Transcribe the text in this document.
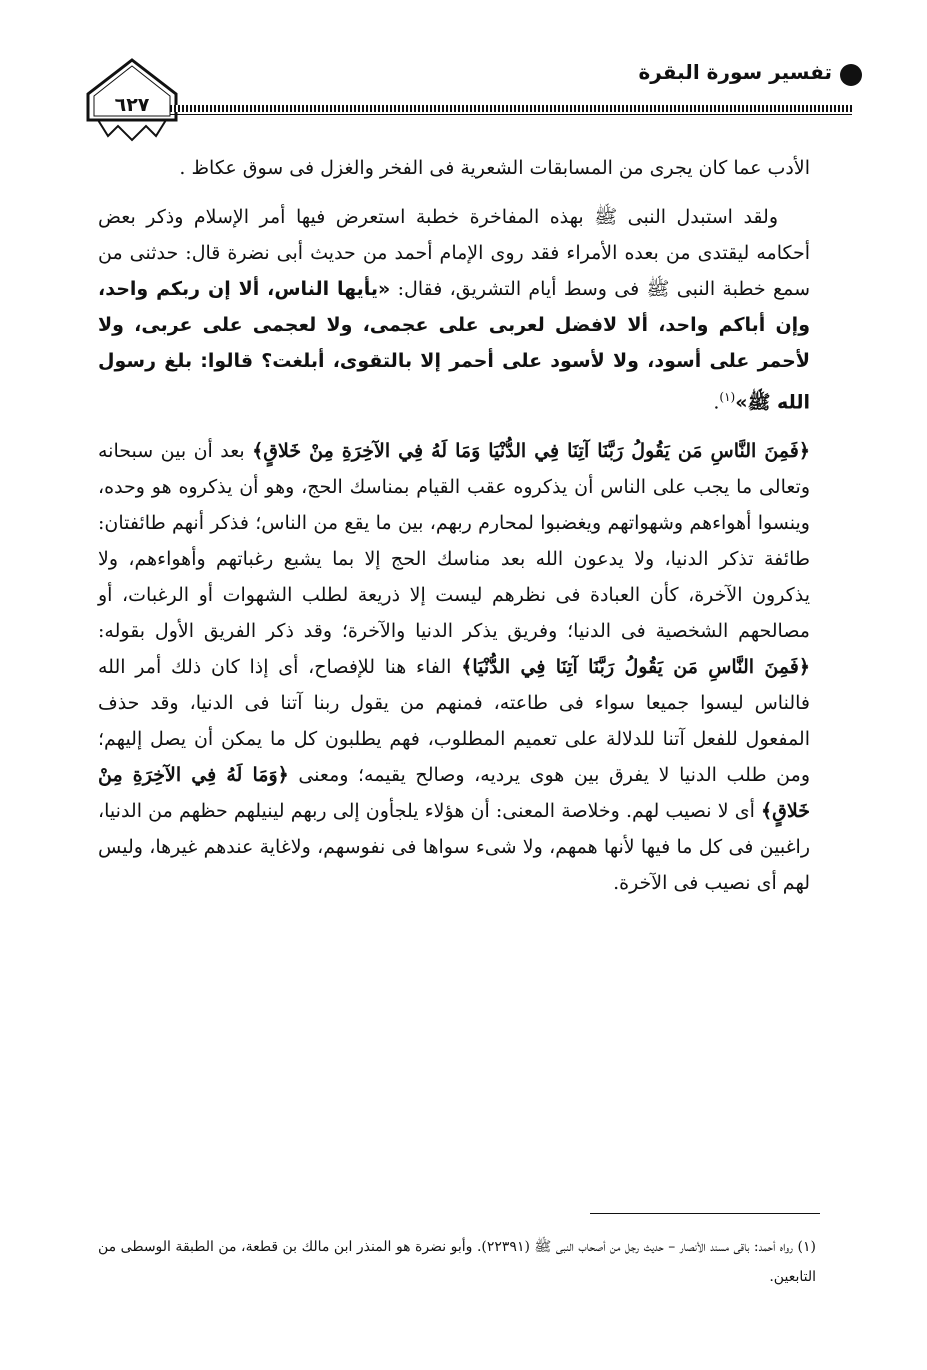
٦٢٧
تفسير سورة البقرة

الأدب عما كان يجرى من المسابقات الشعرية فى الفخر والغزل فى سوق عكاظ .

ولقد استبدل النبى ﷺ بهذه المفاخرة خطبة استعرض فيها أمر الإسلام وذكر بعض أحكامه ليقتدى من بعده الأمراء فقد روى الإمام أحمد من حديث أبى نضرة قال: حدثنى من سمع خطبة النبى ﷺ فى وسط أيام التشريق، فقال: «يأيها الناس، ألا إن ربكم واحد، وإن أباكم واحد، ألا لافضل لعربى على عجمى، ولا لعجمى على عربى، ولا لأحمر على أسود، ولا لأسود على أحمر إلا بالتقوى، أبلغت؟ قالوا: بلغ رسول الله ﷺ»$^{(١)}$.

﴿فَمِنَ النَّاسِ مَن يَقُولُ رَبَّنَا آتِنَا فِي الدُّنْيَا وَمَا لَهُ فِي الآخِرَةِ مِنْ خَلاقٍ﴾ بعد أن بين سبحانه وتعالى ما يجب على الناس أن يذكروه عقب القيام بمناسك الحج، وهو أن يذكروه هو وحده، وينسوا أهواءهم وشهواتهم ويغضبوا لمحارم ربهم، بين ما يقع من الناس؛ فذكر أنهم طائفتان: طائفة تذكر الدنيا، ولا يدعون الله بعد مناسك الحج إلا بما يشبع رغباتهم وأهواءهم، ولا يذكرون الآخرة، كأن العبادة فى نظرهم ليست إلا ذريعة لطلب الشهوات أو الرغبات، أو مصالحهم الشخصية فى الدنيا؛ وفريق يذكر الدنيا والآخرة؛ وقد ذكر الفريق الأول بقوله: ﴿فَمِنَ النَّاسِ مَن يَقُولُ رَبَّنَا آتِنَا فِي الدُّنْيَا﴾ الفاء هنا للإفصاح، أى إذا كان ذلك أمر الله فالناس ليسوا جميعا سواء فى طاعته، فمنهم من يقول ربنا آتنا فى الدنيا، وقد حذف المفعول للفعل آتنا للدلالة على تعميم المطلوب، فهم يطلبون كل ما يمكن أن يصل إليهم؛ ومن طلب الدنيا لا يفرق بين هوى يرديه، وصالح يقيمه؛ ومعنى ﴿وَمَا لَهُ فِي الآخِرَةِ مِنْ خَلاقٍ﴾ أى لا نصيب لهم. وخلاصة المعنى: أن هؤلاء يلجأون إلى ربهم لينيلهم حظهم من الدنيا، راغبين فى كل ما فيها لأنها همهم، ولا شىء سواها فى نفوسهم، ولاغاية عندهم غيرها، وليس لهم أى نصيب فى الآخرة.

(١) رواه أحمد: باقى مسند الأنصار – حديث رجل من أصحاب النبى ﷺ (٢٢٣٩١). وأبو نضرة هو المنذر ابن مالك بن قطعة، من الطبقة الوسطى من التابعين.
